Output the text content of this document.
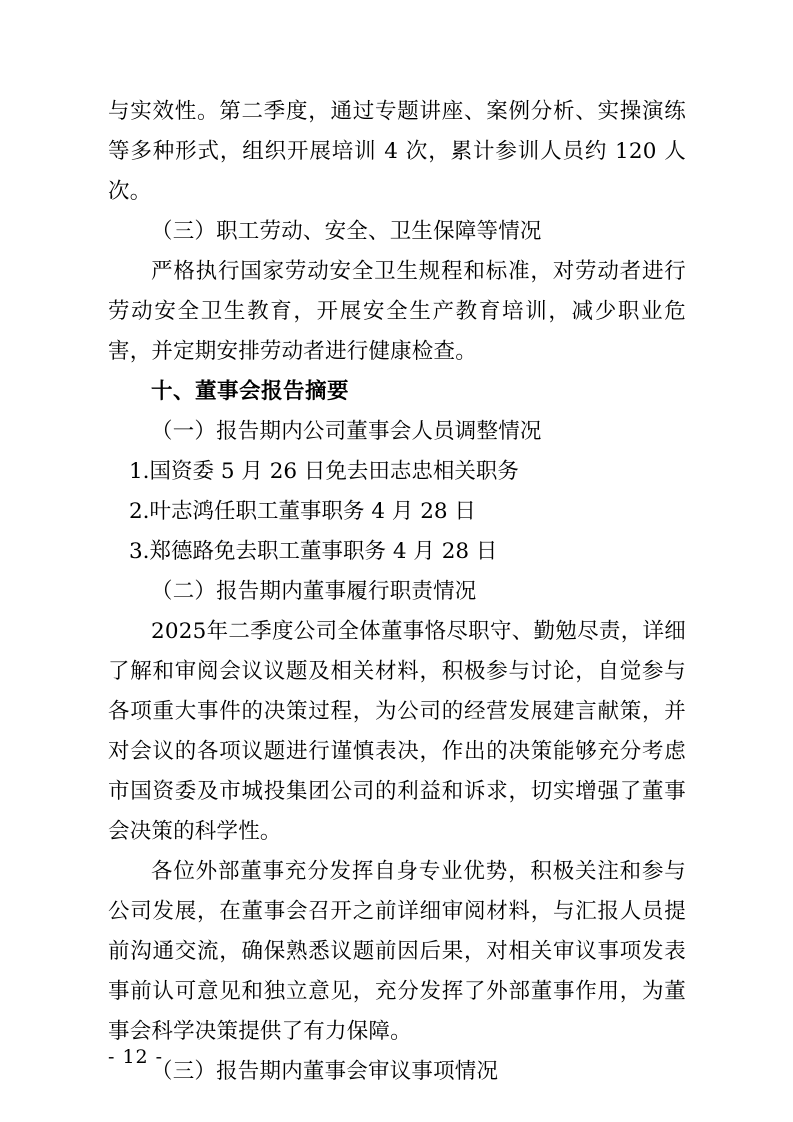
与实效性。第二季度，通过专题讲座、案例分析、实操演练等多种形式，组织开展培训 4 次，累计参训人员约 120 人次。

（三）职工劳动、安全、卫生保障等情况

严格执行国家劳动安全卫生规程和标准，对劳动者进行劳动安全卫生教育，开展安全生产教育培训，减少职业危害，并定期安排劳动者进行健康检查。

十、董事会报告摘要

（一）报告期内公司董事会人员调整情况

1.国资委 5 月 26 日免去田志忠相关职务

2.叶志鸿任职工董事职务 4 月 28 日

3.郑德路免去职工董事职务 4 月 28 日

（二）报告期内董事履行职责情况

2025年二季度公司全体董事恪尽职守、勤勉尽责，详细了解和审阅会议议题及相关材料，积极参与讨论，自觉参与各项重大事件的决策过程，为公司的经营发展建言献策，并对会议的各项议题进行谨慎表决，作出的决策能够充分考虑市国资委及市城投集团公司的利益和诉求，切实增强了董事会决策的科学性。

各位外部董事充分发挥自身专业优势，积极关注和参与公司发展，在董事会召开之前详细审阅材料，与汇报人员提前沟通交流，确保熟悉议题前因后果，对相关审议事项发表事前认可意见和独立意见，充分发挥了外部董事作用，为董事会科学决策提供了有力保障。

（三）报告期内董事会审议事项情况

- 12 -
